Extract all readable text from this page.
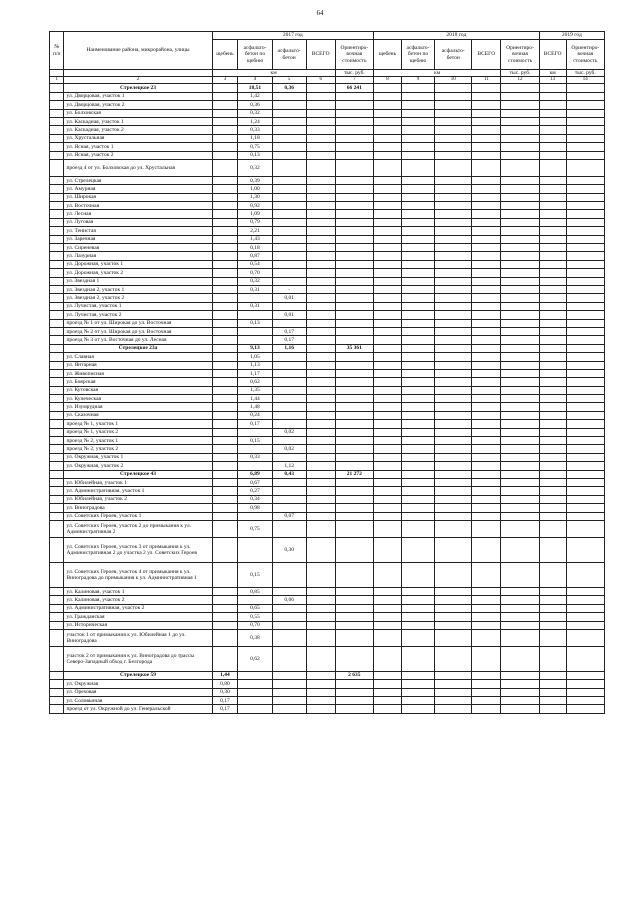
64
№ п/п	Наименование района, микрорайона, улицы	2017 год					2018 год					2019 год	
		щебень	асфальто-бетон по щебню	асфальто-бетон	ВСЕГО	Ориентиро-вочная стоимость	щебень	асфальто-бетон по щебню	асфальто-бетон	ВСЕГО	Ориентиро-вочная стоимость	ВСЕГО	Ориентиро-вочная стоимость
		км				тыс. руб.	км				тыс. руб.	км	тыс. руб.
1	2	3	4	5	6	7	8	9	10	11	12	13	14
	Стрелецкое 23		18,51	0,36		66 241							
	ул. Дворцовая, участок 1		1,42										
	ул. Дворцовая, участок 2		0,36										
	ул. Болховская		0,32										
	ул. Каскадная, участок 1		1,24										
	ул. Каскадная, участок 2		0,33										
	ул. Хрустальная		1,18										
	ул. Ясная, участок 1		0,75										
	ул. Ясная, участок 2		0,13										
	проезд 4 от ул. Болховская до ул. Хрустальная		0,32										
	ул. Стрелецкая		0,39										
	ул. Амурная		1,00										
	ул. Широкая		1,30										
	ул. Восточная		0,92										
	ул. Лесная		1,09										
	ул. Луговая		0,79										
	ул. Тенистая		2,21										
	ул. Заречная		1,43										
	ул. Сиреневая		0,18										
	ул. Лазурная		0,87										
	ул. Дорожная, участок 1		0,54										
	ул. Дорожная, участок 2		0,70										
	ул. Звездная 1		0,32										
	ул. Звездная 2, участок 1		0,31	-									
	ул. Звездная 2, участок 2			0,01									
	ул. Лучистая, участок 1		0,31										
	ул. Лучистая, участок 2			0,01									
	проезд № 1 от ул. Широкая до ул. Восточная		0,13										
	проезд № 2 от ул. Широкая до ул. Восточная			0,17									
	проезд № 3 от ул. Восточная до ул. Лесная			0,17									
	Стрелецкое 23а		9,13	1,16		35 361							
	ул. Славная		1,05										
	ул. Янтарная		1,13										
	ул. Живописная		1,17										
	ул. Боярская		0,62										
	ул. Кутовская		1,35										
	ул. Купеческая		1,44										
	ул. Изумрудная		1,48										
	ул. Сказочная		0,24										
	проезд № 1, участок 1		0,17										
	проезд № 1, участок 2			0,02									
	проезд № 2, участок 1		0,15										
	проезд № 2, участок 2			0,02									
	ул. Окружная, участок 1		0,33										
	ул. Окружная, участок 2			1,12									
	Стрелецкое 43		6,89	0,43		21 272							
	ул. Юбилейная, участок 1		0,67										
	ул. Административная, участок 1		0,27										
	ул. Юбилейная, участок 2		0,34										
	ул. Виноградова		0,98										
	ул. Советских Героев, участок 1			0,07									
	ул. Советских Героев, участок 2 до примыкания к ул. Административная 2		0,75										
	ул. Советских Героев, участок 3 от примыкания к ул. Административная 2 до участка 2 ул. Советских Героев			0,30									
	ул. Советских Героев, участок 4 от примыкания к ул. Виноградова до примыкания к ул. Административная 1		0,15										
	ул. Калиновая, участок 1		0,85										
	ул. Калиновая, участок 2			0,06									
	ул. Административная, участок 2		0,65										
	ул. Гражданская		0,55										
	ул. Историческая		0,70										
	участок 1 от примыкания к ул. Юбилейная 1 до ул. Виноградова		0,38										
	участок 2 от примыкания к ул. Виноградова до трассы Северо-Западный обход г. Белгорода		0,62										
	Стрелецкое 59	1,44				2 635							
	ул. Окружная	0,80											
	ул. Ореховая	0,30											
	ул. Соловьиная	0,17											
	проезд от ул. Окружной до ул. Генеральской	0,17											
